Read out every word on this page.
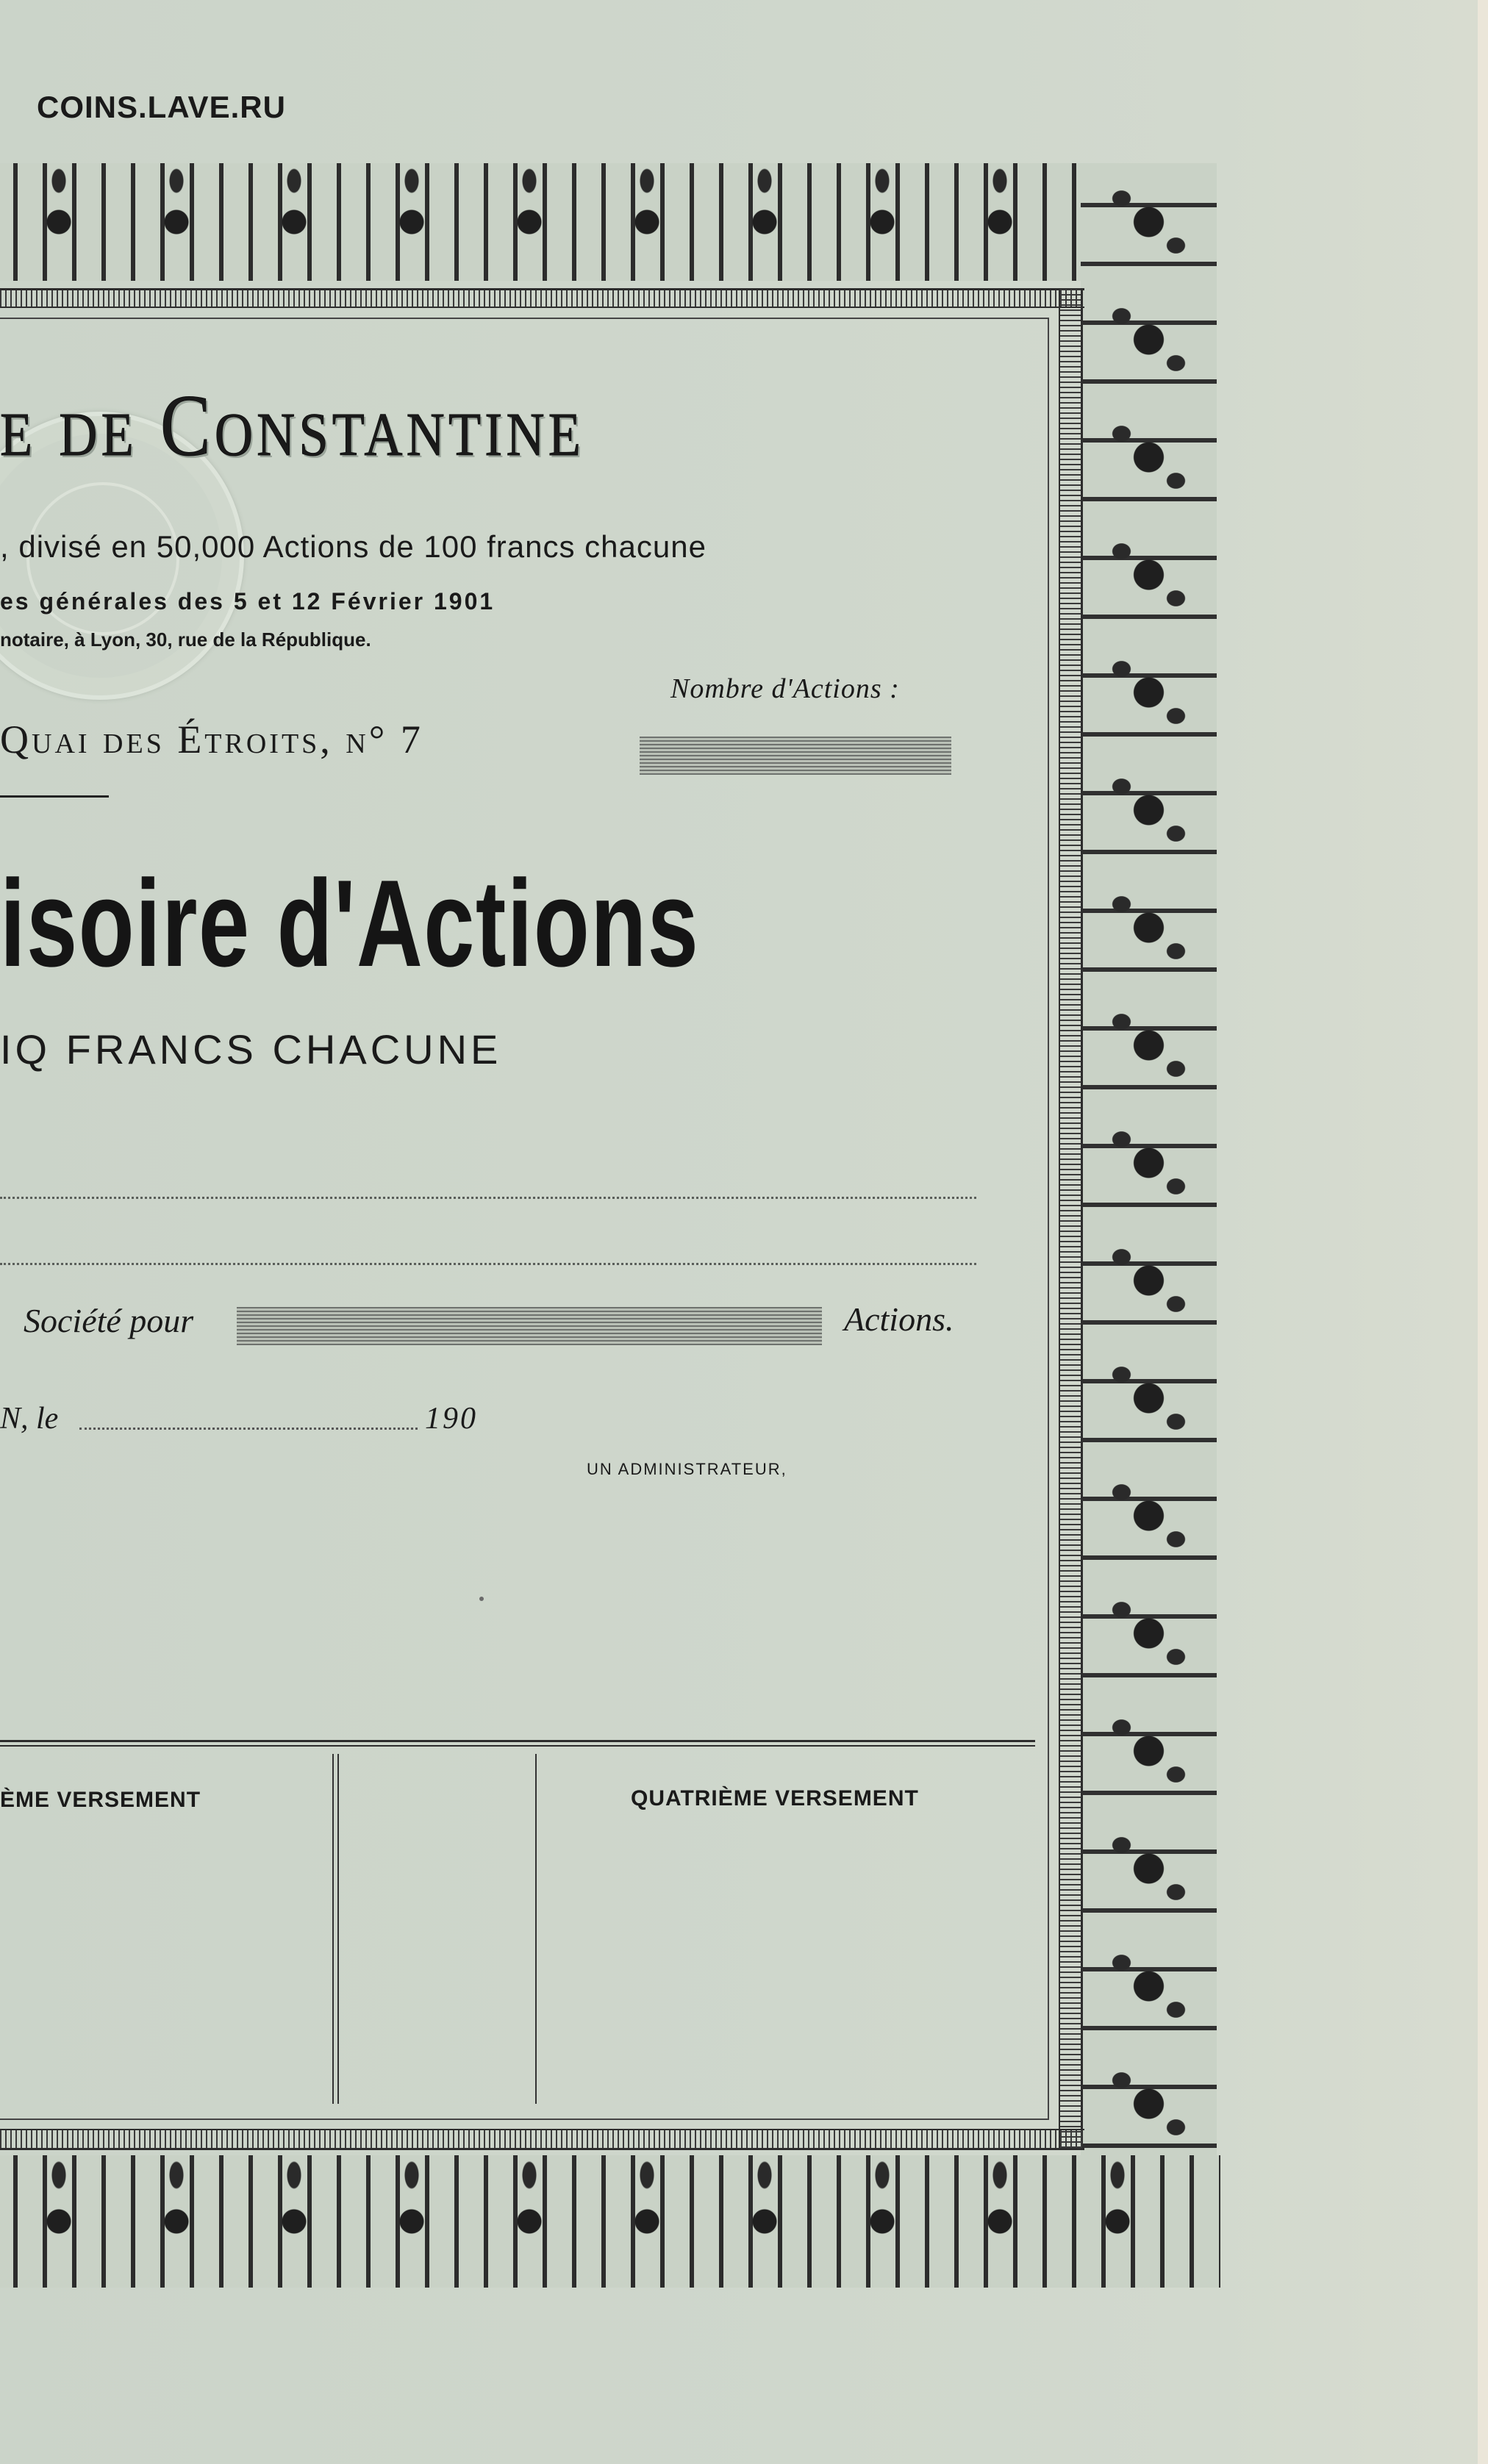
COINS.LAVE.RU
e de Constantine
, divisé en 50,000 Actions de 100 francs chacune
es générales des 5 et 12 Février 1901
notaire, à Lyon, 30, rue de la République.
Nombre d'Actions :
Quai des Étroits, n° 7
isoire d'Actions
IQ FRANCS CHACUNE
Société pour	Actions.
N, le	190
UN ADMINISTRATEUR,
ÈME VERSEMENT	QUATRIÈME VERSEMENT
